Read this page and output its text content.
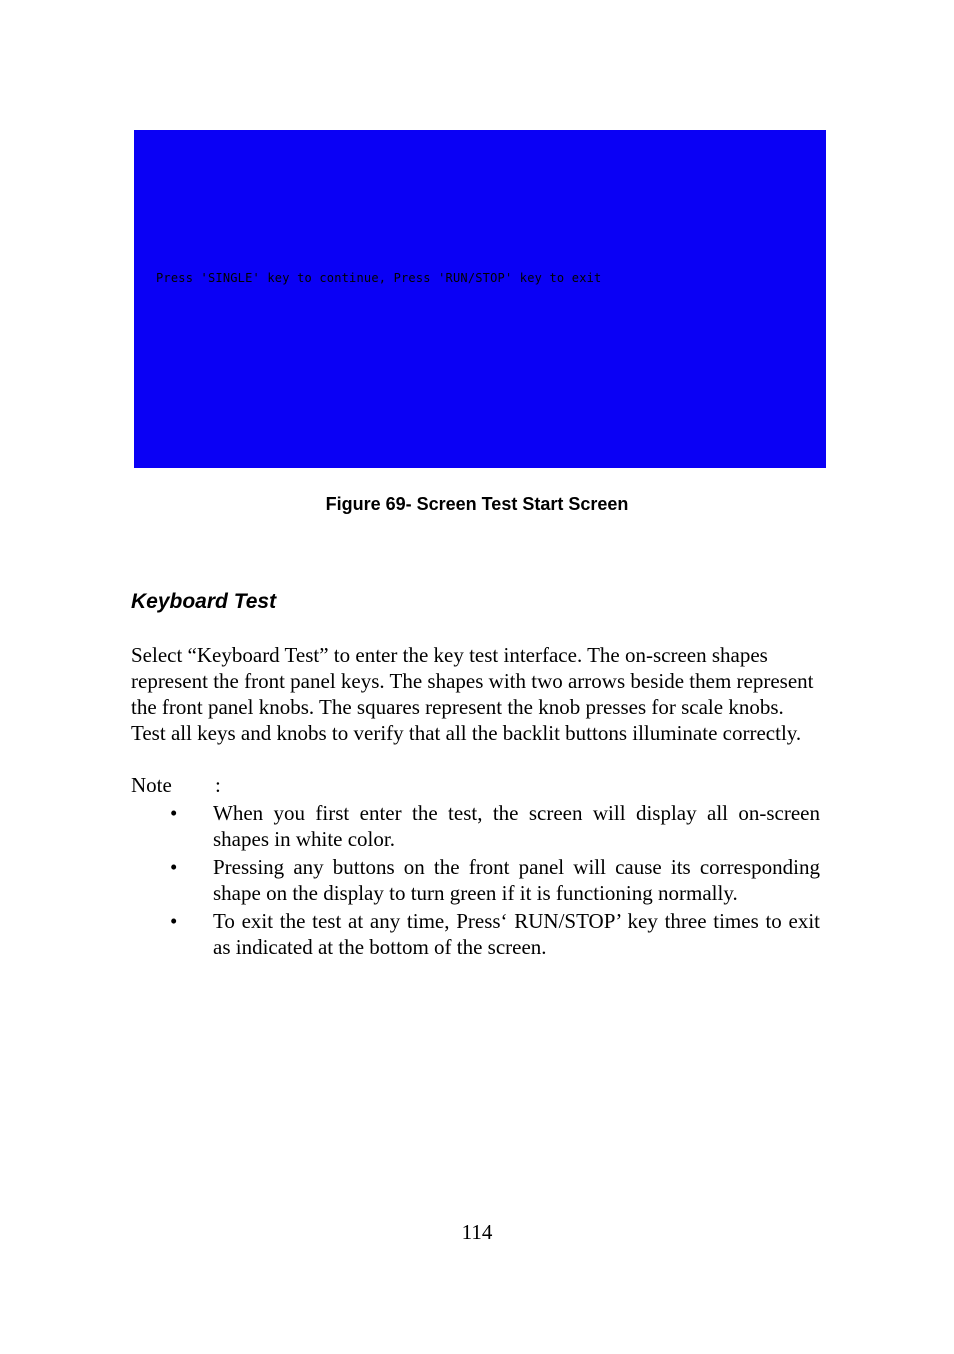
Press 'SINGLE' key to continue, Press 'RUN/STOP' key to exit
Figure 69- Screen Test Start Screen
Keyboard Test
Select “Keyboard Test” to enter the key test interface. The on-screen shapes represent the front panel keys. The shapes with two arrows beside them represent the front panel knobs. The squares represent the knob presses for scale knobs. Test all keys and knobs to verify that all the backlit buttons illuminate correctly.
Note	:
• When you first enter the test, the screen will display all on-screen shapes in white color.
• Pressing any buttons on the front panel will cause its corresponding shape on the display to turn green if it is functioning normally.
• To exit the test at any time, Press‘ RUN/STOP’ key three times to exit as indicated at the bottom of the screen.
114
